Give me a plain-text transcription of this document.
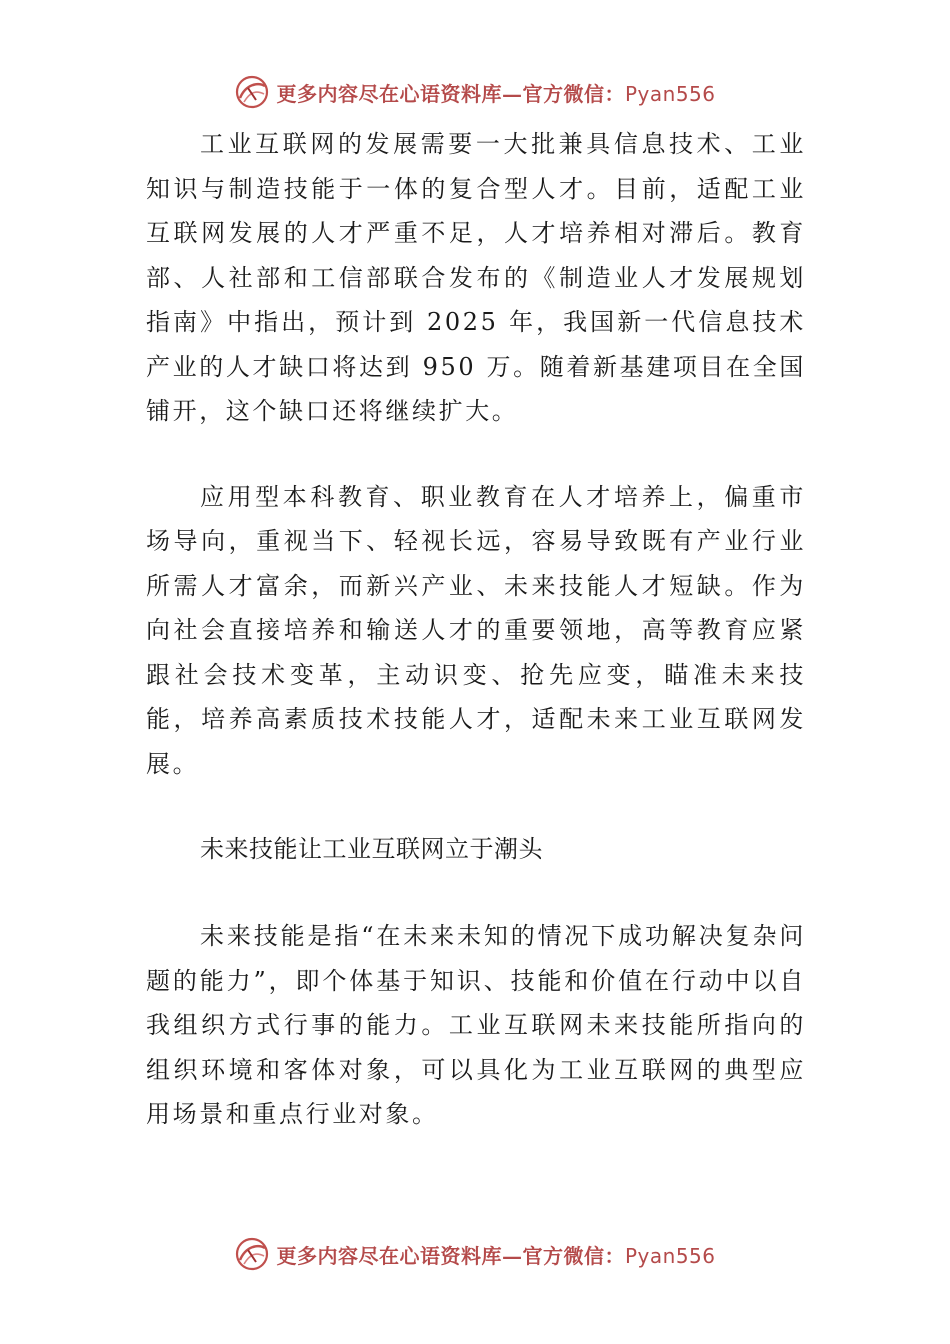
更多内容尽在心语资料库—官方微信：Pyan556

工业互联网的发展需要一大批兼具信息技术、工业知识与制造技能于一体的复合型人才。目前，适配工业互联网发展的人才严重不足，人才培养相对滞后。教育部、人社部和工信部联合发布的《制造业人才发展规划指南》中指出，预计到 2025 年，我国新一代信息技术产业的人才缺口将达到 950 万。随着新基建项目在全国铺开，这个缺口还将继续扩大。

应用型本科教育、职业教育在人才培养上，偏重市场导向，重视当下、轻视长远，容易导致既有产业行业所需人才富余，而新兴产业、未来技能人才短缺。作为向社会直接培养和输送人才的重要领地，高等教育应紧跟社会技术变革，主动识变、抢先应变，瞄准未来技能，培养高素质技术技能人才，适配未来工业互联网发展。

未来技能让工业互联网立于潮头

未来技能是指“在未来未知的情况下成功解决复杂问题的能力”，即个体基于知识、技能和价值在行动中以自我组织方式行事的能力。工业互联网未来技能所指向的组织环境和客体对象，可以具化为工业互联网的典型应用场景和重点行业对象。

更多内容尽在心语资料库—官方微信：Pyan556
